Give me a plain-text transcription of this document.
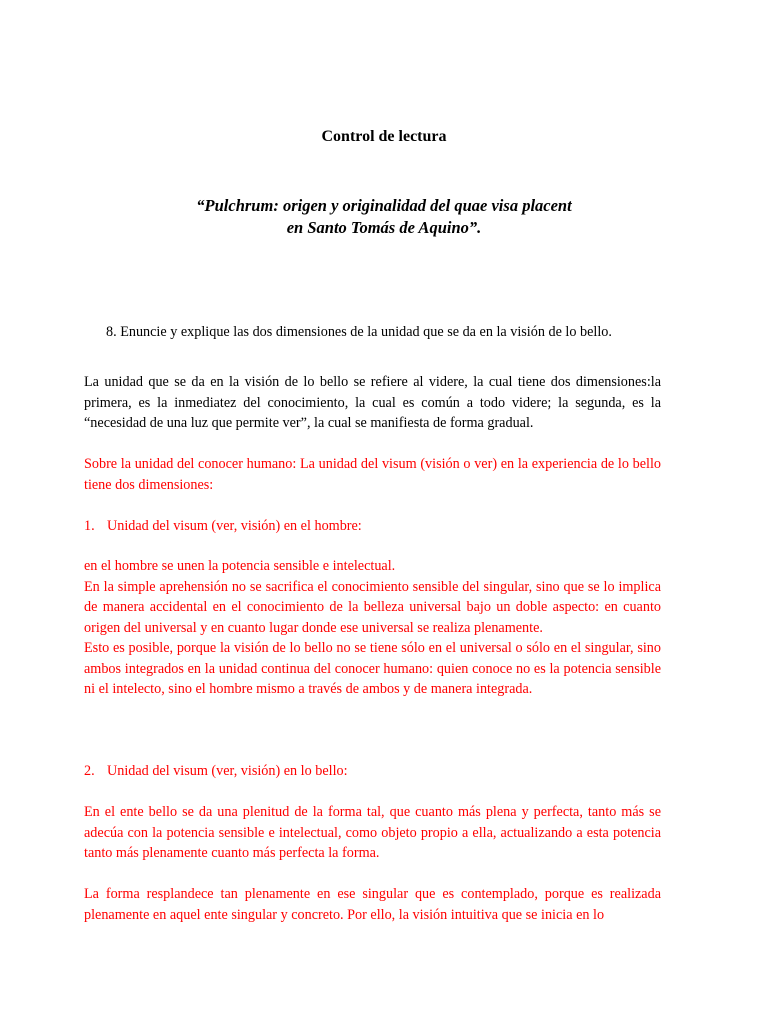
Control de lectura

“Pulchrum: origen y originalidad del quae visa placent
en Santo Tomás de Aquino”.

8. Enuncie y explique las dos dimensiones de la unidad que se da en la visión de lo bello.

La unidad que se da en la visión de lo bello se refiere al videre, la cual tiene dos dimensiones:la primera, es la inmediatez del conocimiento, la cual es común a todo videre; la segunda, es la “necesidad de una luz que permite ver”, la cual se manifiesta de forma gradual.

Sobre la unidad del conocer humano: La unidad del visum (visión o ver) en la experiencia de lo bello tiene dos dimensiones:

1. Unidad del visum (ver, visión) en el hombre:
en el hombre se unen la potencia sensible e intelectual.
En la simple aprehensión no se sacrifica el conocimiento sensible del singular, sino que se lo implica de manera accidental en el conocimiento de la belleza universal bajo un doble aspecto: en cuanto origen del universal y en cuanto lugar donde ese universal se realiza plenamente.
Esto es posible, porque la visión de lo bello no se tiene sólo en el universal o sólo en el singular, sino ambos integrados en la unidad continua del conocer humano: quien conoce no es la potencia sensible ni el intelecto, sino el hombre mismo a través de ambos y de manera integrada.
2. Unidad del visum (ver, visión) en lo bello:

En el ente bello se da una plenitud de la forma tal, que cuanto más plena y perfecta, tanto más se adecúa con la potencia sensible e intelectual, como objeto propio a ella, actualizando a esta potencia tanto más plenamente cuanto más perfecta la forma.

La forma resplandece tan plenamente en ese singular que es contemplado, porque es realizada plenamente en aquel ente singular y concreto. Por ello, la visión intuitiva que se inicia en lo
